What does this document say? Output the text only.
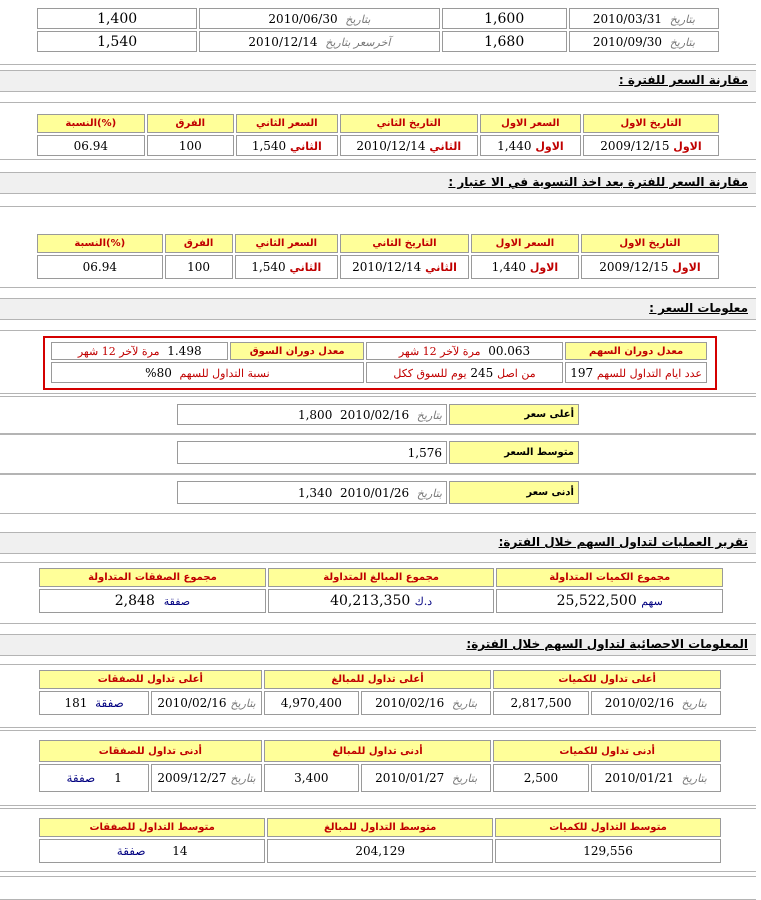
بتاريخ  2010/03/31	1,600	بتاريخ  2010/06/30	1,400
بتاريخ  2010/09/30	1,680	آخرسعر بتاريخ  2010/12/14	1,540
مقارنة السعر للفترة :
التاريخ الاول	السعر الاول	التاريخ الثاني	السعر الثاني	الفرق	(%)النسبة
الاول 2009/12/15	الاول 1,440	الثاني 2010/12/14	الثاني 1,540	100	06.94
مقارنة السعر للفترة بعد اخذ التسوية في الا عتبار :
التاريخ الاول	السعر الاول	التاريخ الثاني	السعر الثاني	الفرق	(%)النسبة
الاول 2009/12/15	الاول 1,440	الثاني 2010/12/14	الثاني 1,540	100	06.94
معلومات السعر :
معدل دوران السهم	00.063  مرة لآخر 12 شهر	معدل دوران السوق	1.498  مرة لآخر 12 شهر
عدد ايام التداول للسهم 197	من اصل 245 يوم للسوق ككل	نسبة التداول للسهم  80%	
أعلى سعر	بتاريخ  2010/02/16  1,800
متوسط السعر	1,576
أدنى سعر	بتاريخ  2010/01/26  1,340
تقرير العمليات لتداول السهم خلال الفترة:
مجموع الكميات المتداولة	مجموع المبالغ المتداولة	مجموع الصفقات المتداولة
سهم 25,522,500	د.ك 40,213,350	صفقة  2,848
المعلومات الاحصائية لتداول السهم خلال الفترة:
أعلى تداول للكميات		أعلى تداول للمبالغ		أعلى تداول للصفقات	
بتاريخ  2010/02/16	2,817,500	بتاريخ  2010/02/16	4,970,400	بتاريخ 2010/02/16	صفقة  181
أدنى تداول للكميات		أدنى تداول للمبالغ		أدنى تداول للصفقات	
بتاريخ  2010/01/21	2,500	بتاريخ  2010/01/27	3,400	بتاريخ 2009/12/27	1     صفقة
متوسط التداول للكميات	متوسط التداول للمبالغ	متوسط التداول للصفقات
129,556	204,129	14       صفقة
